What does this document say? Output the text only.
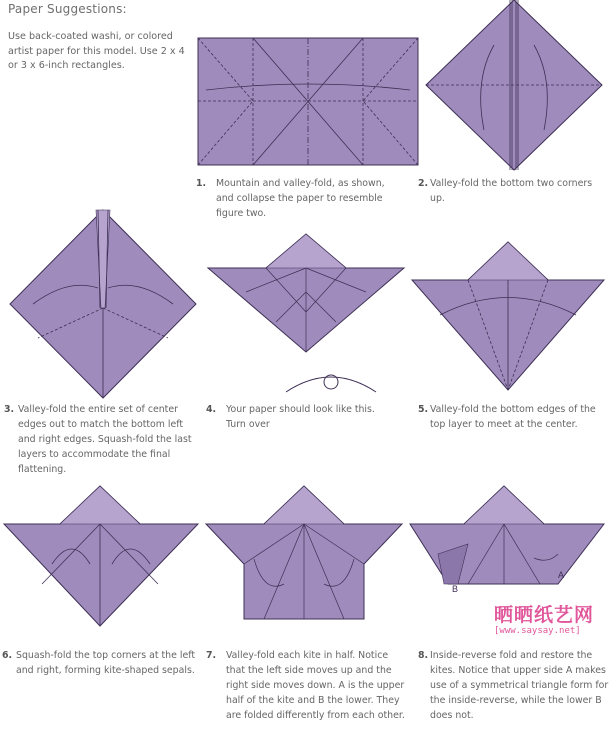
Paper Suggestions:
Use back-coated washi, or colored artist paper for this model. Use 2 x 4 or 3 x 6-inch rectangles.
1. Mountain and valley-fold, as shown, and collapse the paper to resemble figure two.
2. Valley-fold the bottom two corners up.
3. Valley-fold the entire set of center edges out to match the bottom left and right edges. Squash-fold the last layers to accommodate the final flattening.
4. Your paper should look like this. Turn over
5. Valley-fold the bottom edges of the top layer to meet at the center.
A
B
晒晒纸艺网
[www.saysay.net]
6. Squash-fold the top corners at the left and right, forming kite-shaped sepals.
7. Valley-fold each kite in half. Notice that the left side moves up and the right side moves down. A is the upper half of the kite and B the lower. They are folded differently from each other.
8. Inside-reverse fold and restore the kites. Notice that upper side A makes use of a symmetrical triangle form for the inside-reverse, while the lower B does not.
